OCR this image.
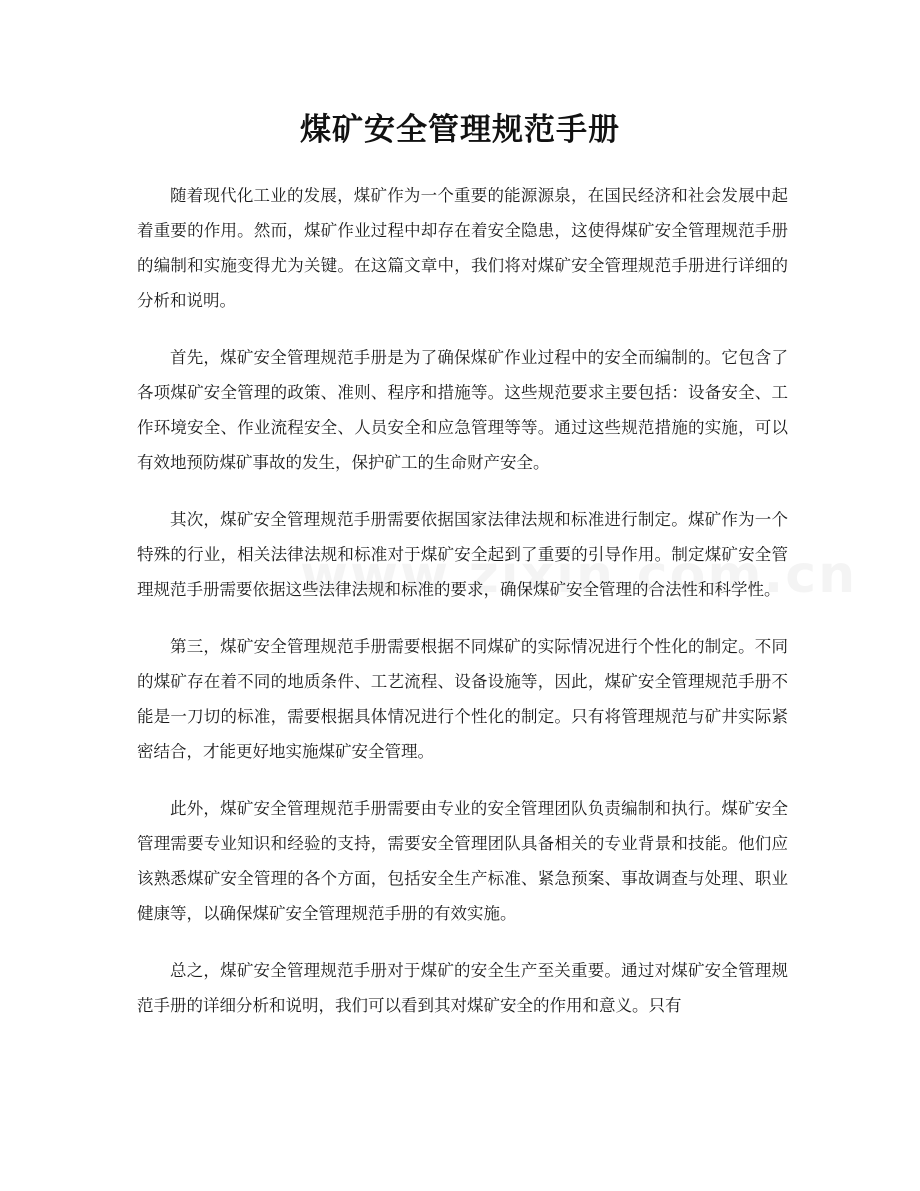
煤矿安全管理规范手册

随着现代化工业的发展，煤矿作为一个重要的能源源泉，在国民经济和社会发展中起着重要的作用。然而，煤矿作业过程中却存在着安全隐患，这使得煤矿安全管理规范手册的编制和实施变得尤为关键。在这篇文章中，我们将对煤矿安全管理规范手册进行详细的分析和说明。

首先，煤矿安全管理规范手册是为了确保煤矿作业过程中的安全而编制的。它包含了各项煤矿安全管理的政策、准则、程序和措施等。这些规范要求主要包括：设备安全、工作环境安全、作业流程安全、人员安全和应急管理等等。通过这些规范措施的实施，可以有效地预防煤矿事故的发生，保护矿工的生命财产安全。

其次，煤矿安全管理规范手册需要依据国家法律法规和标准进行制定。煤矿作为一个特殊的行业，相关法律法规和标准对于煤矿安全起到了重要的引导作用。制定煤矿安全管理规范手册需要依据这些法律法规和标准的要求，确保煤矿安全管理的合法性和科学性。

第三，煤矿安全管理规范手册需要根据不同煤矿的实际情况进行个性化的制定。不同的煤矿存在着不同的地质条件、工艺流程、设备设施等，因此，煤矿安全管理规范手册不能是一刀切的标准，需要根据具体情况进行个性化的制定。只有将管理规范与矿井实际紧密结合，才能更好地实施煤矿安全管理。

此外，煤矿安全管理规范手册需要由专业的安全管理团队负责编制和执行。煤矿安全管理需要专业知识和经验的支持，需要安全管理团队具备相关的专业背景和技能。他们应该熟悉煤矿安全管理的各个方面，包括安全生产标准、紧急预案、事故调查与处理、职业健康等，以确保煤矿安全管理规范手册的有效实施。

总之，煤矿安全管理规范手册对于煤矿的安全生产至关重要。通过对煤矿安全管理规范手册的详细分析和说明，我们可以看到其对煤矿安全的作用和意义。只有
